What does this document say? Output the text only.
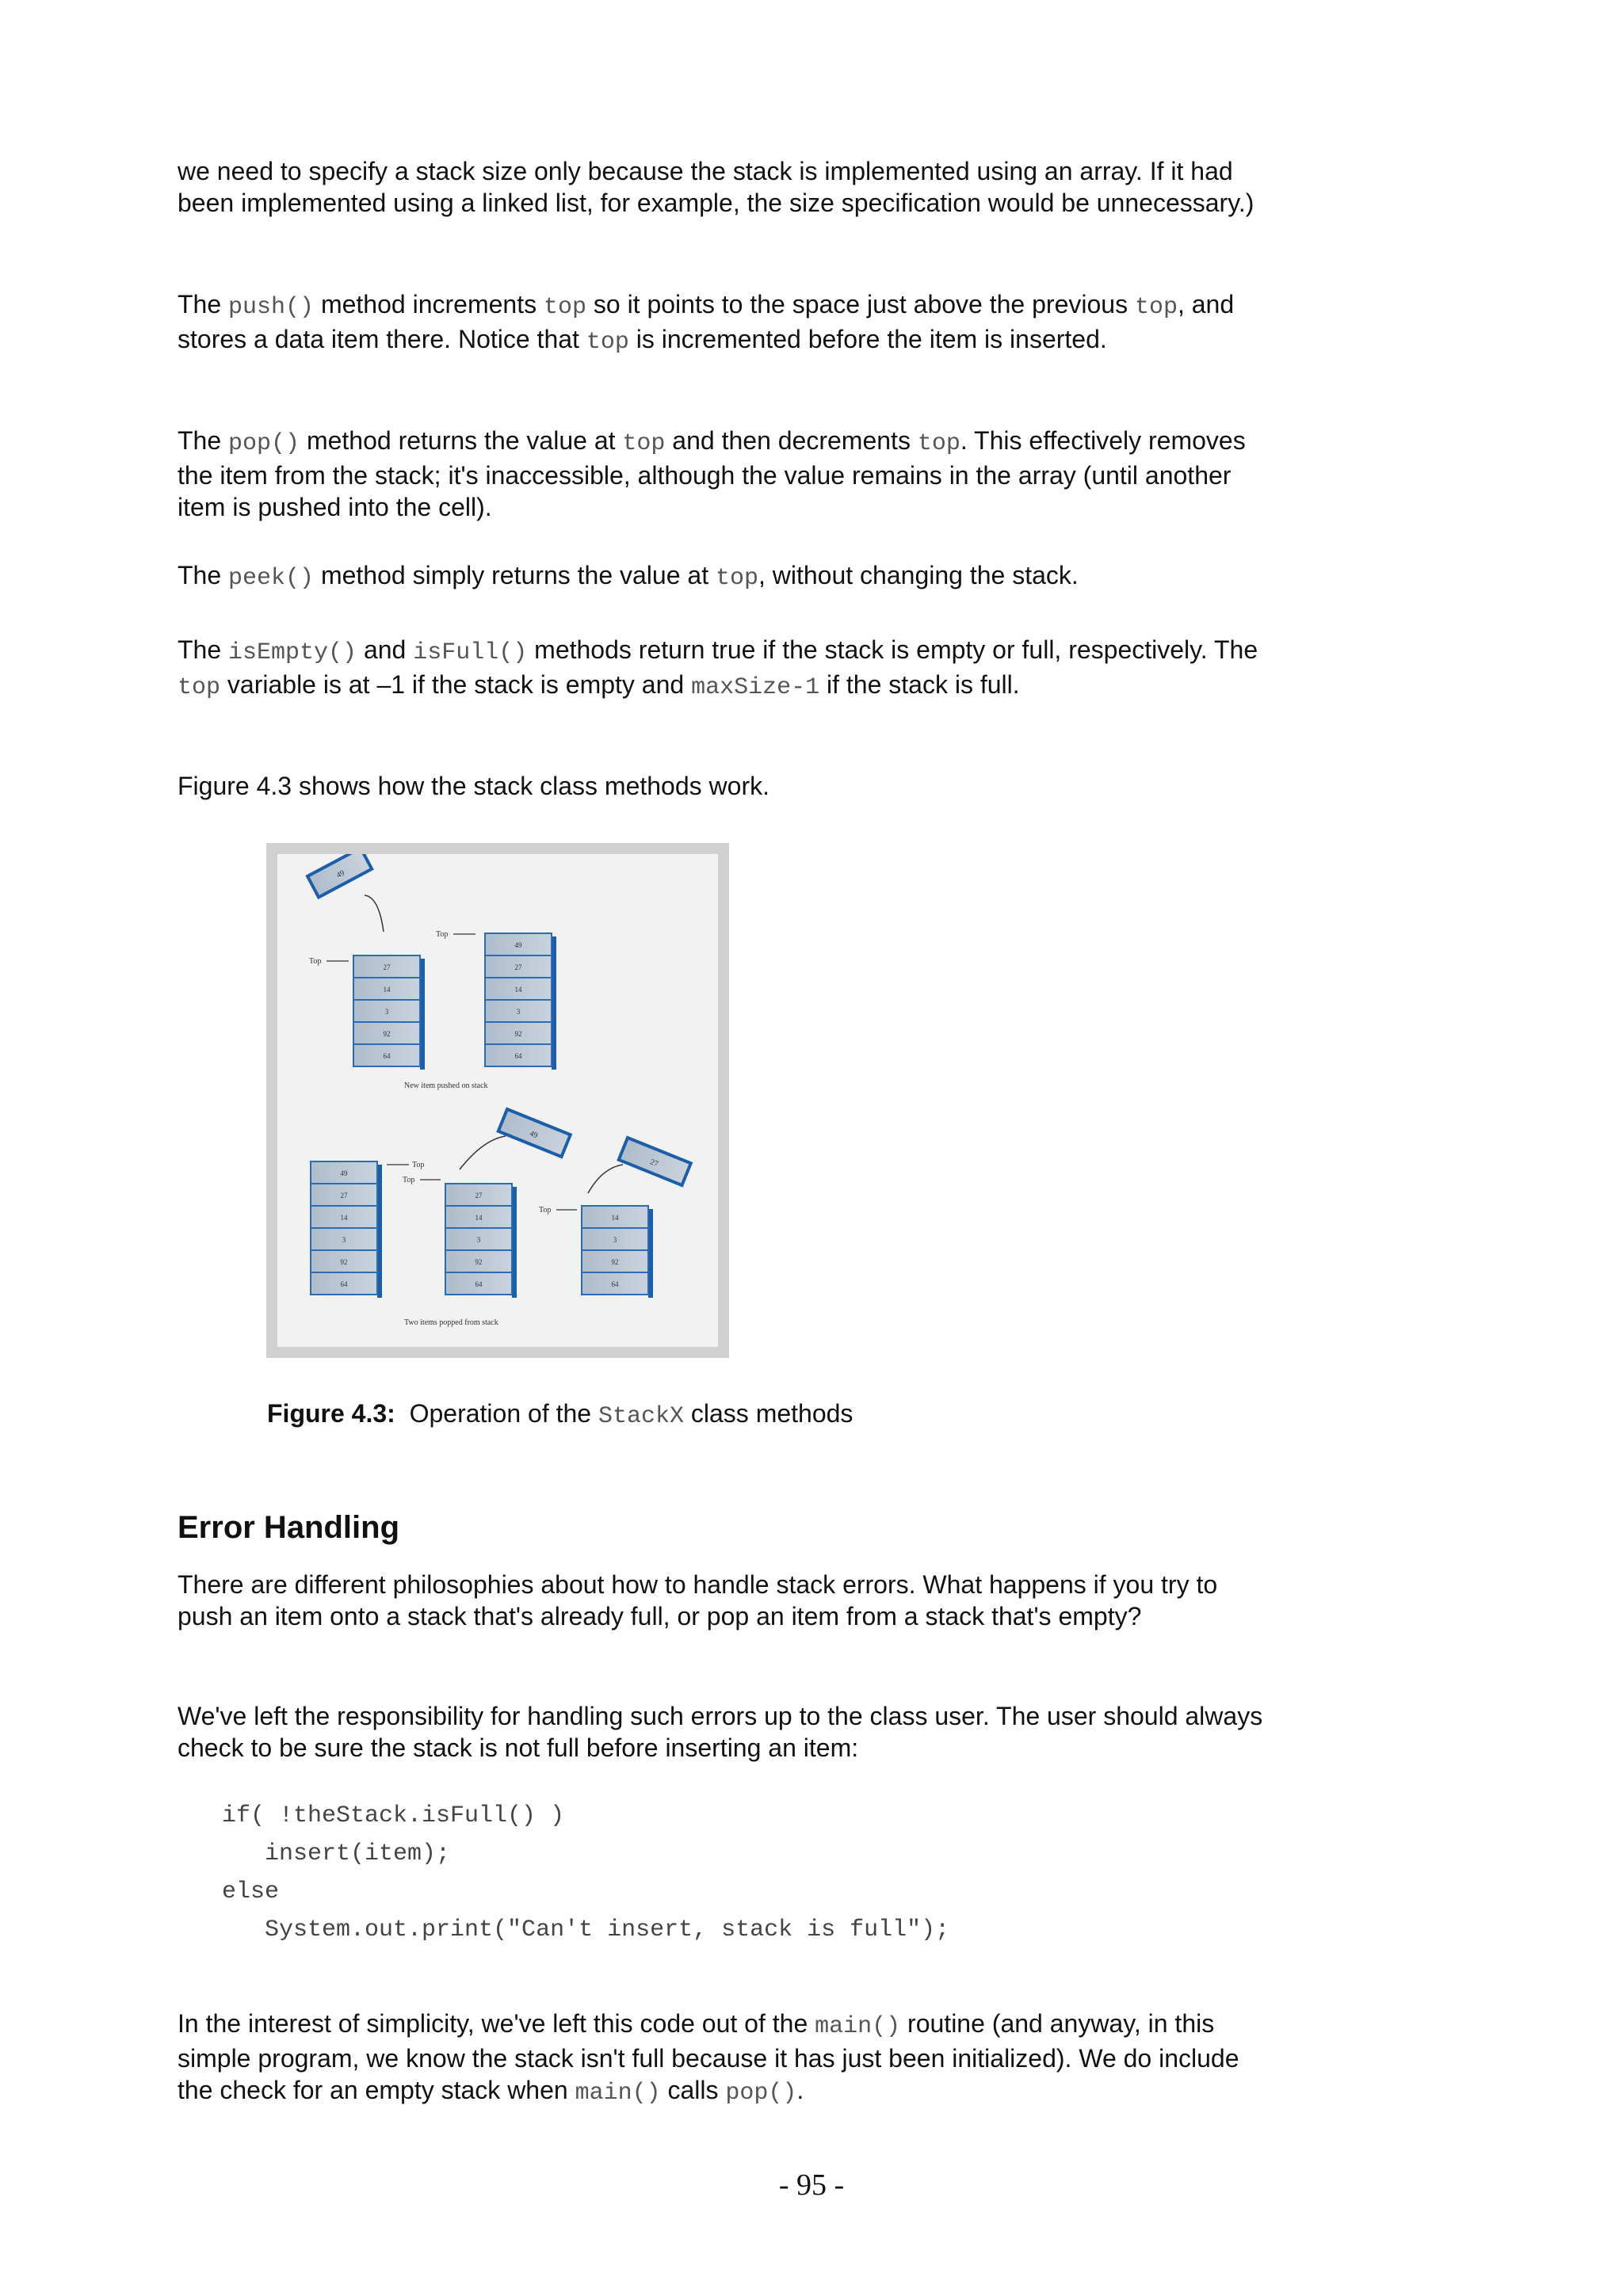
we need to specify a stack size only because the stack is implemented using an array. If it had been implemented using a linked list, for example, the size specification would be unnecessary.)

The push() method increments top so it points to the space just above the previous top, and stores a data item there. Notice that top is incremented before the item is inserted.

The pop() method returns the value at top and then decrements top. This effectively removes the item from the stack; it's inaccessible, although the value remains in the array (until another item is pushed into the cell).

The peek() method simply returns the value at top, without changing the stack.

The isEmpty() and isFull() methods return true if the stack is empty or full, respectively. The top variable is at –1 if the stack is empty and maxSize-1 if the stack is full.

Figure 4.3 shows how the stack class methods work.

27
14
3
92
64
49
27
14
3
92
64
49
Top
Top
New item pushed on stack
49
27
14
3
92
64
27
14
3
92
64
14
3
92
64
49
27
Top
Top
Top
Two items popped from stack
Figure 4.3: Operation of the StackX class methods
Error Handling

There are different philosophies about how to handle stack errors. What happens if you try to push an item onto a stack that's already full, or pop an item from a stack that's empty?

We've left the responsibility for handling such errors up to the class user. The user should always check to be sure the stack is not full before inserting an item:

if( !theStack.isFull() )
insert(item);
else
System.out.print("Can't insert, stack is full");

In the interest of simplicity, we've left this code out of the main() routine (and anyway, in this simple program, we know the stack isn't full because it has just been initialized). We do include the check for an empty stack when main() calls pop().

- 95 -
